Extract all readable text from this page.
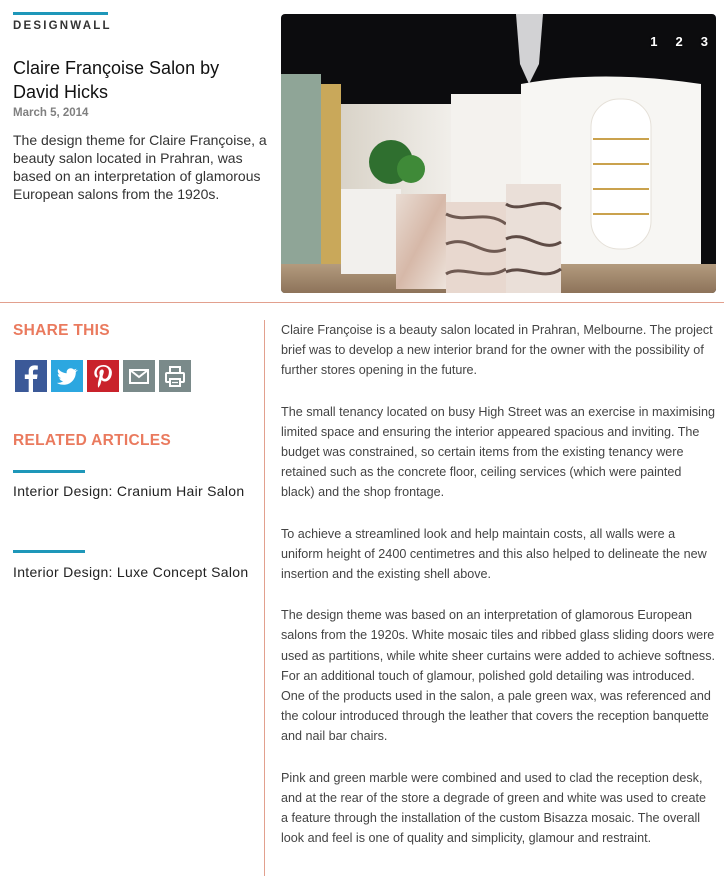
DESIGNWALL
Claire Françoise Salon by David Hicks
March 5, 2014

The design theme for Claire Françoise, a beauty salon located in Prahran, was based on an interpretation of glamorous European salons from the 1920s.

1 2 3
SHARE THIS
RELATED ARTICLES
Interior Design: Cranium Hair Salon
Interior Design: Luxe Concept Salon

Claire Françoise is a beauty salon located in Prahran, Melbourne. The project brief was to develop a new interior brand for the owner with the possibility of further stores opening in the future.

The small tenancy located on busy High Street was an exercise in maximising limited space and ensuring the interior appeared spacious and inviting. The budget was constrained, so certain items from the existing tenancy were retained such as the concrete floor, ceiling services (which were painted black) and the shop frontage.

To achieve a streamlined look and help maintain costs, all walls were a uniform height of 2400 centimetres and this also helped to delineate the new insertion and the existing shell above.

The design theme was based on an interpretation of glamorous European salons from the 1920s. White mosaic tiles and ribbed glass sliding doors were used as partitions, while white sheer curtains were added to achieve softness. For an additional touch of glamour, polished gold detailing was introduced. One of the products used in the salon, a pale green wax, was referenced and the colour introduced through the leather that covers the reception banquette and nail bar chairs.

Pink and green marble were combined and used to clad the reception desk, and at the rear of the store a degrade of green and white was used to create a feature through the installation of the custom Bisazza mosaic. The overall look and feel is one of quality and simplicity, glamour and restraint.
